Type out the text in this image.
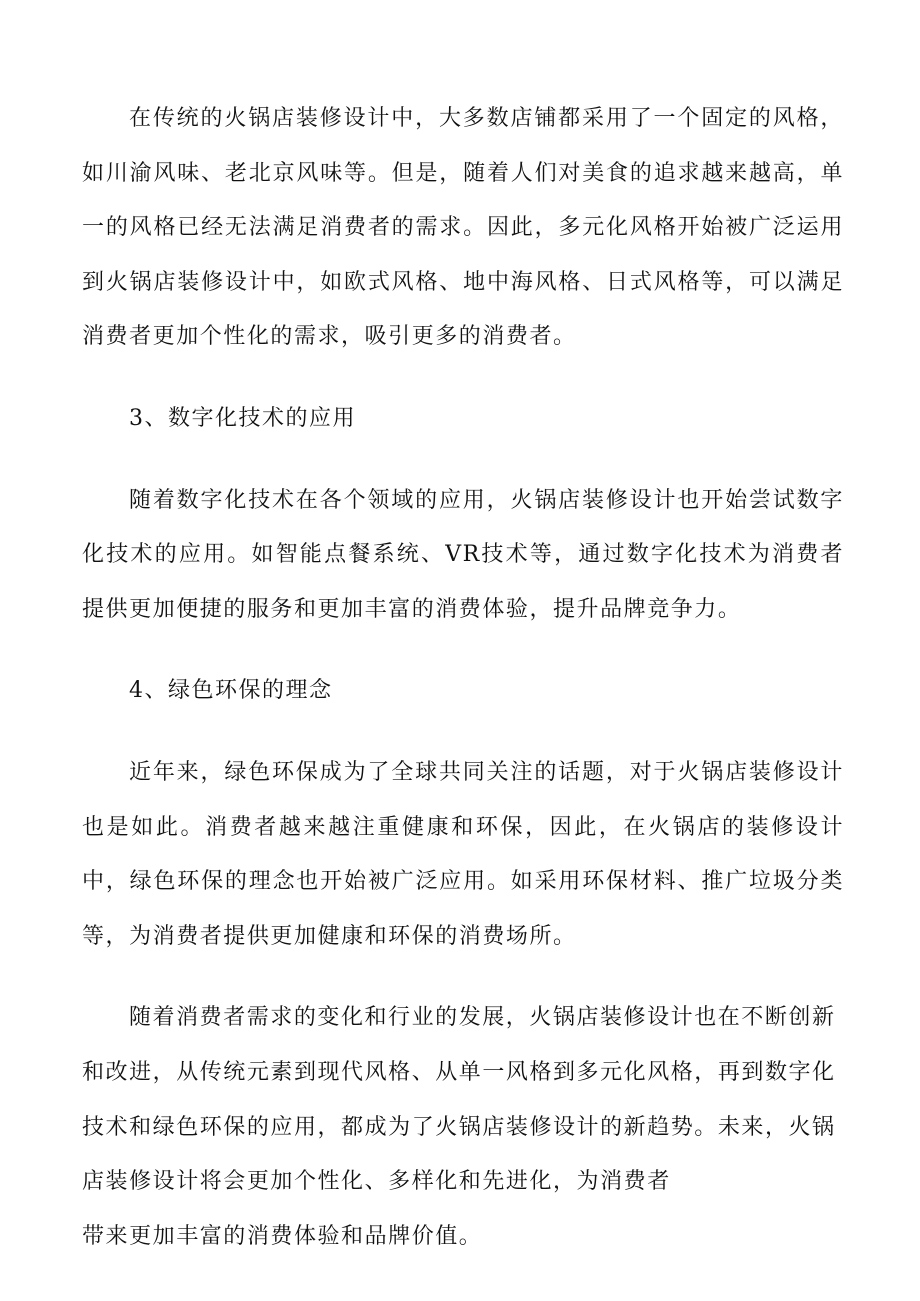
在传统的火锅店装修设计中，大多数店铺都采用了一个固定的风格，如川渝风味、老北京风味等。但是，随着人们对美食的追求越来越高，单一的风格已经无法满足消费者的需求。因此，多元化风格开始被广泛运用到火锅店装修设计中，如欧式风格、地中海风格、日式风格等，可以满足消费者更加个性化的需求，吸引更多的消费者。

3、数字化技术的应用

随着数字化技术在各个领域的应用，火锅店装修设计也开始尝试数字化技术的应用。如智能点餐系统、VR技术等，通过数字化技术为消费者提供更加便捷的服务和更加丰富的消费体验，提升品牌竞争力。

4、绿色环保的理念

近年来，绿色环保成为了全球共同关注的话题，对于火锅店装修设计也是如此。消费者越来越注重健康和环保，因此，在火锅店的装修设计中，绿色环保的理念也开始被广泛应用。如采用环保材料、推广垃圾分类等，为消费者提供更加健康和环保的消费场所。

随着消费者需求的变化和行业的发展，火锅店装修设计也在不断创新和改进，从传统元素到现代风格、从单一风格到多元化风格，再到数字化技术和绿色环保的应用，都成为了火锅店装修设计的新趋势。未来，火锅店装修设计将会更加个性化、多样化和先进化，为消费者

带来更加丰富的消费体验和品牌价值。
